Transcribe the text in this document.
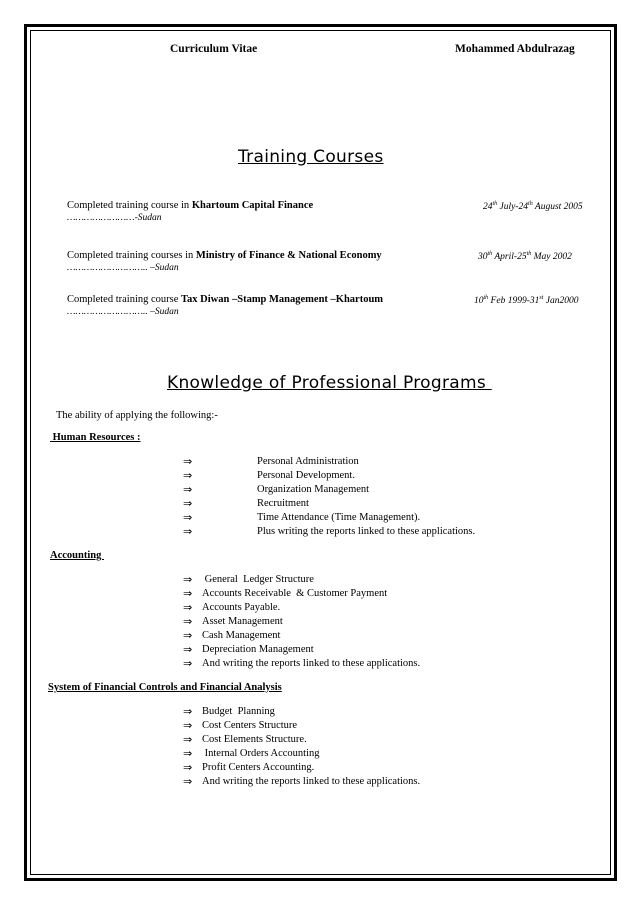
Curriculum Vitae	Mohammed Abdulrazag
Training Courses
Completed training course in Khartoum Capital Finance
……………………-Sudan
24th July-24th August 2005
Completed training courses in Ministry of Finance & National Economy
……………………….. –Sudan
30th April-25th May 2002
Completed training course Tax Diwan –Stamp Management –Khartoum
……………………….. –Sudan
10th Feb 1999-31st Jan2000
Knowledge of Professional Programs
The ability of applying the following:-
Human Resources :
⇒	Personal Administration
⇒	Personal Development.
⇒	Organization Management
⇒	Recruitment
⇒	Time Attendance (Time Management).
⇒	Plus writing the reports linked to these applications.
Accounting
⇒ General  Ledger Structure
⇒ Accounts Receivable  & Customer Payment
⇒ Accounts Payable.
⇒ Asset Management
⇒ Cash Management
⇒ Depreciation Management
⇒ And writing the reports linked to these applications.
System of Financial Controls and Financial Analysis
⇒ Budget  Planning
⇒ Cost Centers Structure
⇒ Cost Elements Structure.
⇒ Internal Orders Accounting
⇒ Profit Centers Accounting.
⇒ And writing the reports linked to these applications.
